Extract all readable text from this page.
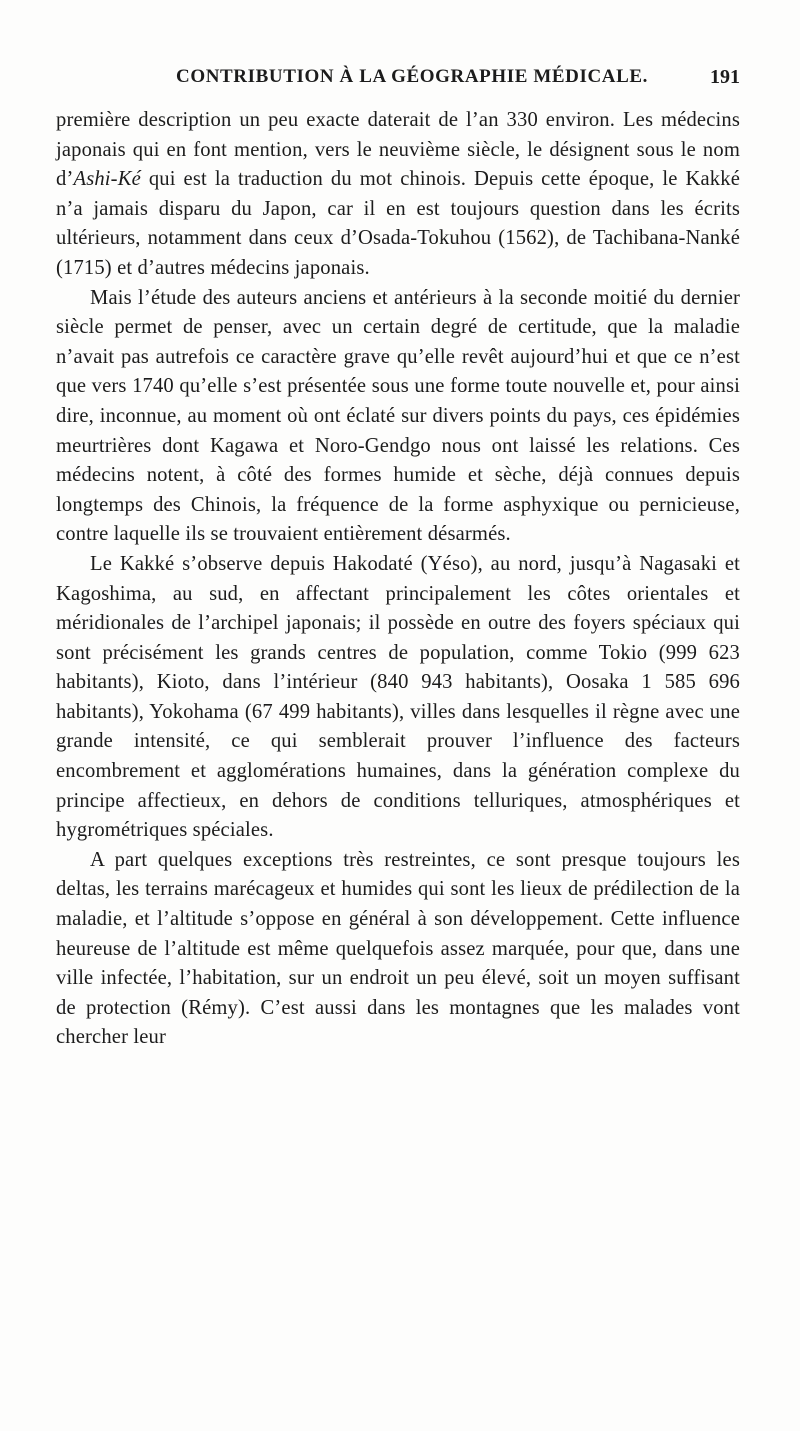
CONTRIBUTION À LA GÉOGRAPHIE MÉDICALE.	191

première description un peu exacte daterait de l’an 330 environ. Les médecins japonais qui en font mention, vers le neuvième siècle, le désignent sous le nom d’Ashi-Ké qui est la traduction du mot chinois. Depuis cette époque, le Kakké n’a jamais disparu du Japon, car il en est toujours question dans les écrits ultérieurs, notamment dans ceux d’Osada-Tokuhou (1562), de Tachibana-Nanké (1715) et d’autres médecins japonais.

Mais l’étude des auteurs anciens et antérieurs à la seconde moitié du dernier siècle permet de penser, avec un certain degré de certitude, que la maladie n’avait pas autrefois ce caractère grave qu’elle revêt aujourd’hui et que ce n’est que vers 1740 qu’elle s’est présentée sous une forme toute nouvelle et, pour ainsi dire, inconnue, au moment où ont éclaté sur divers points du pays, ces épidémies meurtrières dont Kagawa et Noro-Gendgo nous ont laissé les relations. Ces médecins notent, à côté des formes humide et sèche, déjà connues depuis longtemps des Chinois, la fréquence de la forme asphyxique ou pernicieuse, contre laquelle ils se trouvaient entièrement désarmés.

Le Kakké s’observe depuis Hakodaté (Yéso), au nord, jusqu’à Nagasaki et Kagoshima, au sud, en affectant principalement les côtes orientales et méridionales de l’archipel japonais; il possède en outre des foyers spéciaux qui sont précisément les grands centres de population, comme Tokio (999 623 habitants), Kioto, dans l’intérieur (840 943 habitants), Oosaka 1 585 696 habitants), Yokohama (67 499 habitants), villes dans lesquelles il règne avec une grande intensité, ce qui semblerait prouver l’influence des facteurs encombrement et agglomérations humaines, dans la génération complexe du principe affectieux, en dehors de conditions telluriques, atmosphériques et hygrométriques spéciales.

A part quelques exceptions très restreintes, ce sont presque toujours les deltas, les terrains marécageux et humides qui sont les lieux de prédilection de la maladie, et l’altitude s’oppose en général à son développement. Cette influence heureuse de l’altitude est même quelquefois assez marquée, pour que, dans une ville infectée, l’habitation, sur un endroit un peu élevé, soit un moyen suffisant de protection (Rémy). C’est aussi dans les montagnes que les malades vont chercher leur
